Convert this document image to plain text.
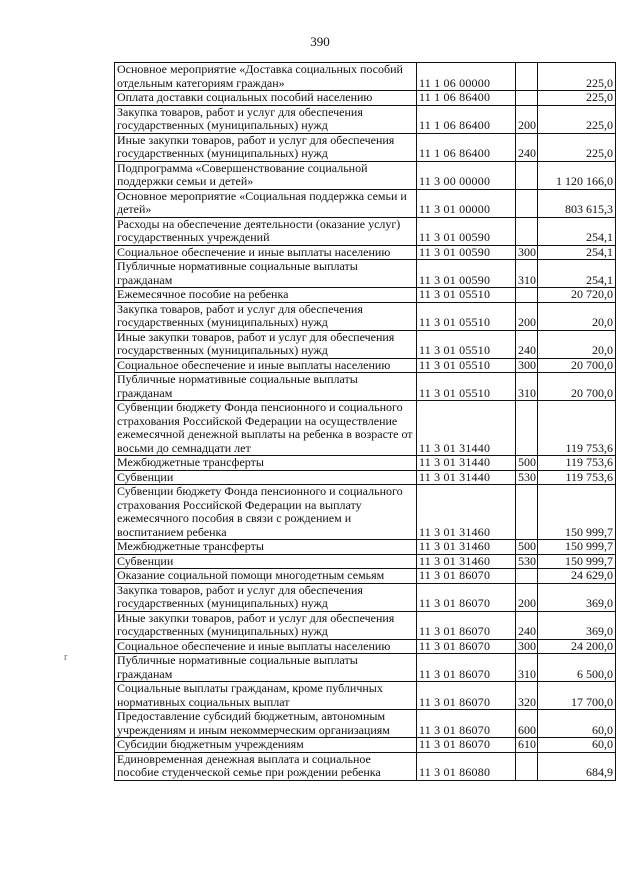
390
r
Основное мероприятие «Доставка социальных пособий отдельным категориям граждан»	11 1 06 00000		225,0
Оплата доставки социальных пособий населению	11 1 06 86400		225,0
Закупка товаров, работ и услуг для обеспечения государственных (муниципальных) нужд	11 1 06 86400	200	225,0
Иные закупки товаров, работ и услуг для обеспечения государственных (муниципальных) нужд	11 1 06 86400	240	225,0
Подпрограмма «Совершенствование социальной поддержки семьи и детей»	11 3 00 00000		1 120 166,0
Основное мероприятие «Социальная поддержка семьи и детей»	11 3 01 00000		803 615,3
Расходы на обеспечение деятельности (оказание услуг) государственных учреждений	11 3 01 00590		254,1
Социальное обеспечение и иные выплаты населению	11 3 01 00590	300	254,1
Публичные нормативные социальные выплаты гражданам	11 3 01 00590	310	254,1
Ежемесячное пособие на ребенка	11 3 01 05510		20 720,0
Закупка товаров, работ и услуг для обеспечения государственных (муниципальных) нужд	11 3 01 05510	200	20,0
Иные закупки товаров, работ и услуг для обеспечения государственных (муниципальных) нужд	11 3 01 05510	240	20,0
Социальное обеспечение и иные выплаты населению	11 3 01 05510	300	20 700,0
Публичные нормативные социальные выплаты гражданам	11 3 01 05510	310	20 700,0
Субвенции бюджету Фонда пенсионного и социального страхования Российской Федерации на осуществление ежемесячной денежной выплаты на ребенка в возрасте от восьми до семнадцати лет	11 3 01 31440		119 753,6
Межбюджетные трансферты	11 3 01 31440	500	119 753,6
Субвенции	11 3 01 31440	530	119 753,6
Субвенции бюджету Фонда пенсионного и социального страхования Российской Федерации на выплату ежемесячного пособия в связи с рождением и воспитанием ребенка	11 3 01 31460		150 999,7
Межбюджетные трансферты	11 3 01 31460	500	150 999,7
Субвенции	11 3 01 31460	530	150 999,7
Оказание социальной помощи многодетным семьям	11 3 01 86070		24 629,0
Закупка товаров, работ и услуг для обеспечения государственных (муниципальных) нужд	11 3 01 86070	200	369,0
Иные закупки товаров, работ и услуг для обеспечения государственных (муниципальных) нужд	11 3 01 86070	240	369,0
Социальное обеспечение и иные выплаты населению	11 3 01 86070	300	24 200,0
Публичные нормативные социальные выплаты гражданам	11 3 01 86070	310	6 500,0
Социальные выплаты гражданам, кроме публичных нормативных социальных выплат	11 3 01 86070	320	17 700,0
Предоставление субсидий бюджетным, автономным учреждениям и иным некоммерческим организациям	11 3 01 86070	600	60,0
Субсидии бюджетным учреждениям	11 3 01 86070	610	60,0
Единовременная денежная выплата и социальное пособие студенческой семье при рождении ребенка	11 3 01 86080		684,9
